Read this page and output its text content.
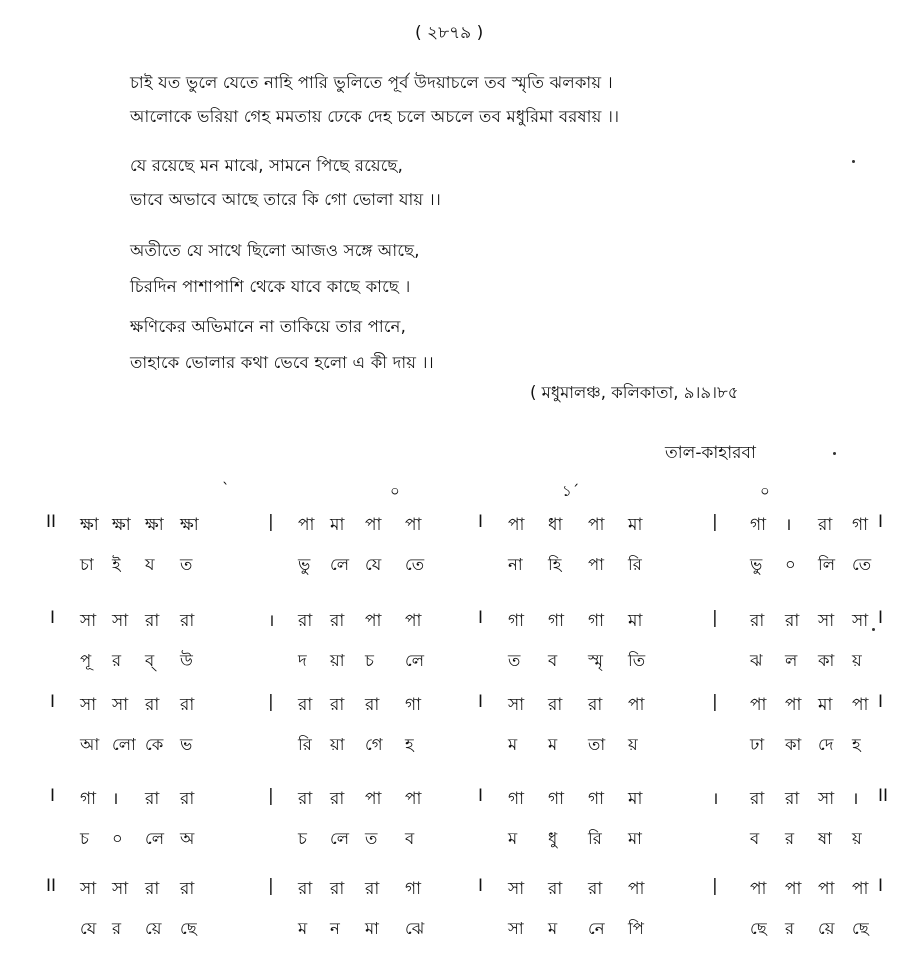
( ২৮৭৯ )
চাই যত ভুলে যেতে নাহি পারি ভুলিতে পূর্ব উদয়াচলে তব স্মৃতি ঝলকায় ।
আলোকে ভরিয়া গেহ মমতায় ঢেকে দেহ চলে অচলে তব মধুরিমা বরষায় ।।
যে রয়েছে মন মাঝে, সামনে পিছে রয়েছে,
ভাবে অভাবে আছে তারে কি গো ভোলা যায় ।।
অতীতে যে সাথে ছিলো আজও সঙ্গে আছে,
চিরদিন পাশাপাশি থেকে যাবে কাছে কাছে ।
ক্ষণিকের অভিমানে না তাকিয়ে তার পানে,
তাহাকে ভোলার কথা ভেবে হলো এ কী দায় ।।
( মধুমালঞ্চ, কলিকাতা, ৯।৯।৮৫
তাল-কাহারবা
ˋ	০	১ˊ	০
II ক্ষা ক্ষা ক্ষা ক্ষা	পা মা পা পা	পা ধা পা মা	গা । রা গা
|	I	|	I
চা ই য ত	ভু লে যে তে	না হি পা রি	ভু ০ লি তে
I সা সা রা রা	রা রা পা পা	গা গা গা মা	রা রা সা সা
।	I	|	I
পূ র ব্ উ	দ য়া চ লে	ত ব স্মৃ তি	ঝ ল কা য়
I সা সা রা রা	রা রা রা গা	সা রা রা পা	পা পা মা পা
|	I	|	I
আ লো কে ভ	রি য়া গে হ	ম ম তা য়	ঢা কা দে হ
I গা । রা রা	রা রা পা পা	গা গা গা মা	রা রা সা ।
|	I	।	II
চ ০ লে অ	চ লে ত ব	ম ধু রি মা	ব র ষা য়
II সা সা রা রা	রা রা রা গা	সা রা রা পা	পা পা পা পা
|	I	|	I
যে র য়ে ছে	ম ন মা ঝে	সা ম নে পি	ছে র য়ে ছে
